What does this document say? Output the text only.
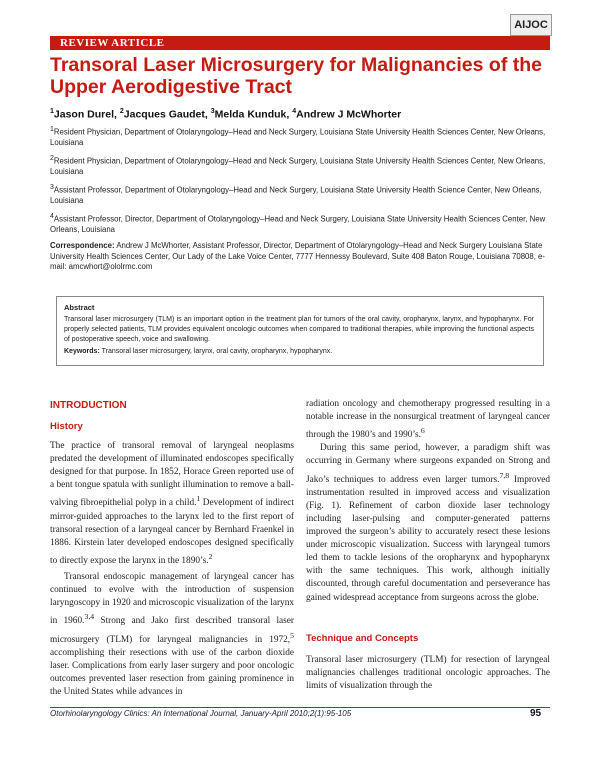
AIJOC
REVIEW ARTICLE
Transoral Laser Microsurgery for Malignancies of the Upper Aerodigestive Tract
$^1$Jason Durel, $^2$Jacques Gaudet, $^3$Melda Kunduk, $^4$Andrew J McWhorter
$^1$Resident Physician, Department of Otolaryngology–Head and Neck Surgery, Louisiana State University Health Sciences Center, New Orleans, Louisiana
$^2$Resident Physician, Department of Otolaryngology–Head and Neck Surgery, Louisiana State University Health Sciences Center, New Orleans, Louisiana
$^3$Assistant Professor, Department of Otolaryngology–Head and Neck Surgery, Louisiana State University Health Science Center, New Orleans, Louisiana
$^4$Assistant Professor, Director, Department of Otolaryngology–Head and Neck Surgery, Louisiana State University Health Sciences Center, New Orleans, Louisiana
Correspondence: Andrew J McWhorter, Assistant Professor, Director, Department of Otolaryngology–Head and Neck Surgery Louisiana State University Health Sciences Center, Our Lady of the Lake Voice Center, 7777 Hennessy Boulevard, Suite 408 Baton Rouge, Louisiana 70808, e-mail: amcwhort@ololrmc.com
Abstract
Transoral laser microsurgery (TLM) is an important option in the treatment plan for tumors of the oral cavity, oropharynx, larynx, and hypopharynx. For properly selected patients, TLM provides equivalent oncologic outcomes when compared to traditional therapies, while improving the functional aspects of postoperative speech, voice and swallowing.
Keywords: Transoral laser microsurgery, larynx, oral cavity, oropharynx, hypopharynx.
INTRODUCTION
History

The practice of transoral removal of laryngeal neoplasms predated the development of illuminated endoscopes specifically designed for that purpose. In 1852, Horace Green reported use of a bent tongue spatula with sunlight illumination to remove a ball-valving fibroepithelial polyp in a child.$^1$ Development of indirect mirror-guided approaches to the larynx led to the first report of transoral resection of a laryngeal cancer by Bernhard Fraenkel in 1886. Kirstein later developed endoscopes designed specifically to directly expose the larynx in the 1890’s.$^2$

Transoral endoscopic management of laryngeal cancer has continued to evolve with the introduction of suspension laryngoscopy in 1920 and microscopic visualization of the larynx in 1960.$^{3,4}$ Strong and Jako first described transoral laser microsurgery (TLM) for laryngeal malignancies in 1972,$^5$ accomplishing their resections with use of the carbon dioxide laser. Complications from early laser surgery and poor oncologic outcomes prevented laser resection from gaining prominence in the United States while advances in

radiation oncology and chemotherapy progressed resulting in a notable increase in the nonsurgical treatment of laryngeal cancer through the 1980’s and 1990’s.$^6$

During this same period, however, a paradigm shift was occurring in Germany where surgeons expanded on Strong and Jako’s techniques to address even larger tumors.$^{7,8}$ Improved instrumentation resulted in improved access and visualization (Fig. 1). Refinement of carbon dioxide laser technology including laser-pulsing and computer-generated patterns improved the surgeon’s ability to accurately resect these lesions under microscopic visualization. Success with laryngeal tumors led them to tackle lesions of the oropharynx and hypopharynx with the same techniques. This work, although initially discounted, through careful documentation and perseverance has gained widespread acceptance from surgeons across the globe.

Technique and Concepts

Transoral laser microsurgery (TLM) for resection of laryngeal malignancies challenges traditional oncologic approaches. The limits of visualization through the

Otorhinolaryngology Clinics: An International Journal, January-April 2010;2(1):95-105	95
